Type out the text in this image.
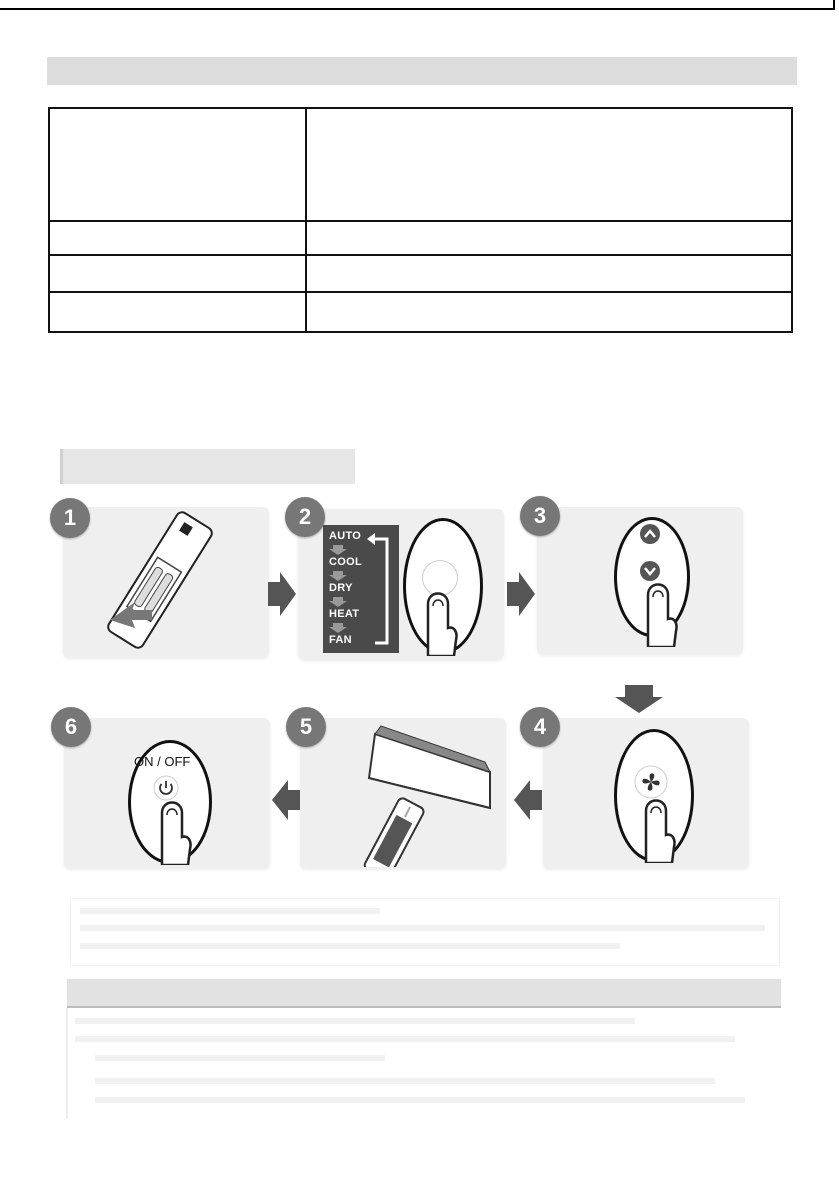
AUTO
COOL
DRY
HEAT
FAN
ON / OFF
1	2	3
6	5	4
